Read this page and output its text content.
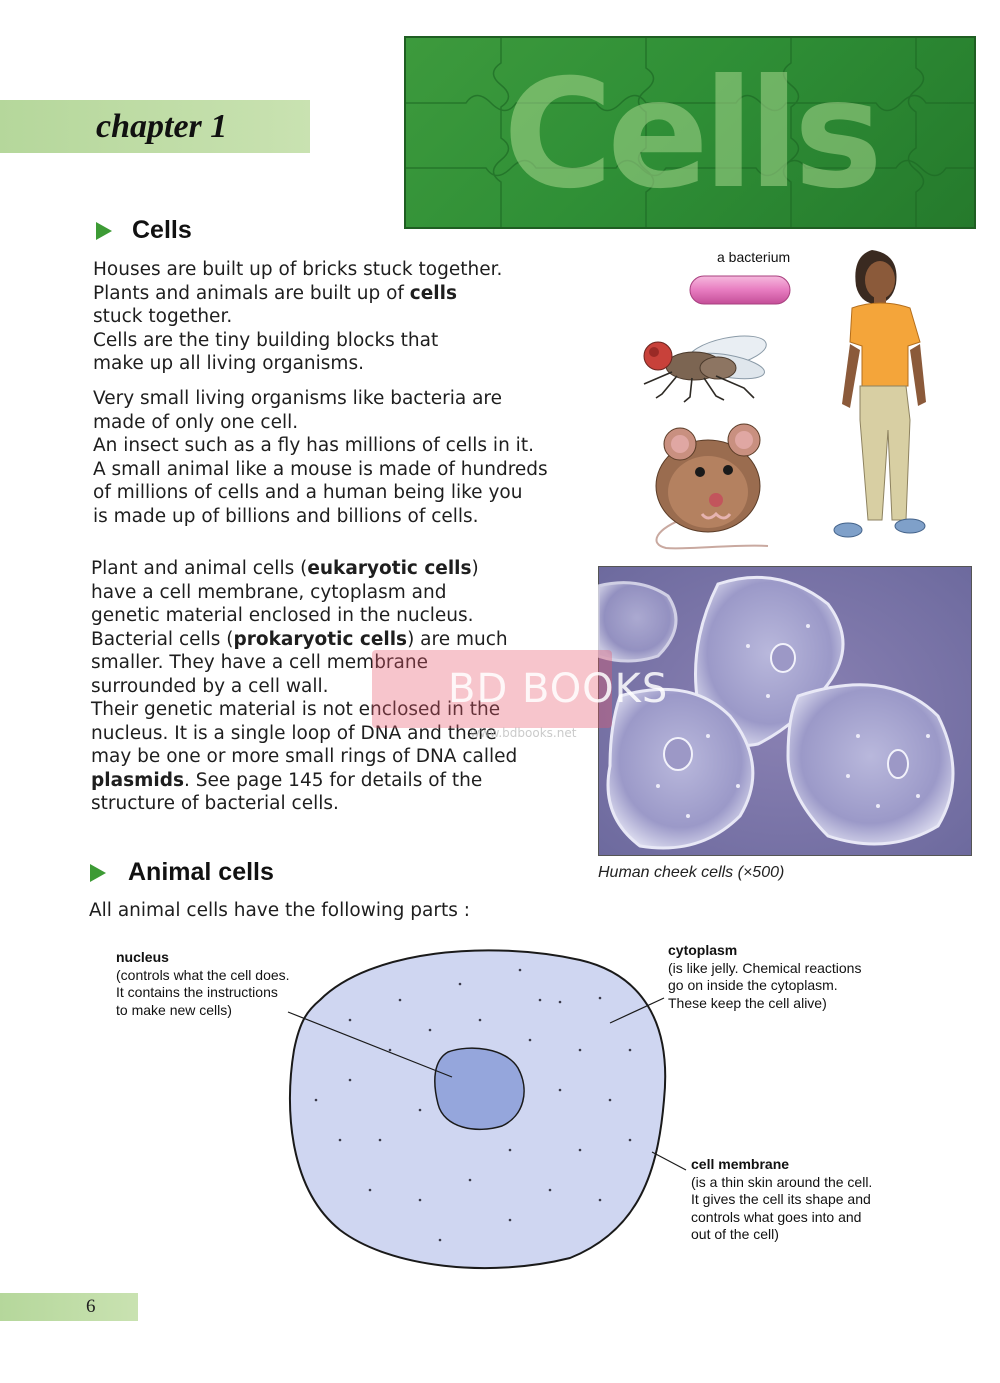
chapter 1	Cells
Cells
Houses are built up of bricks stuck together.
Plants and animals are built up of cells
stuck together.
Cells are the tiny building blocks that
make up all living organisms.
Very small living organisms like bacteria are
made of only one cell.
An insect such as a fly has millions of cells in it.
A small animal like a mouse is made of hundreds
of millions of cells and a human being like you
is made up of billions and billions of cells.
Plant and animal cells (eukaryotic cells)
have a cell membrane, cytoplasm and
genetic material enclosed in the nucleus.
Bacterial cells (prokaryotic cells) are much
smaller. They have a cell membrane
surrounded by a cell wall.
Their genetic material is not enclosed in the
nucleus. It is a single loop of DNA and there
may be one or more small rings of DNA called
plasmids. See page 145 for details of the
structure of bacterial cells.
a bacterium
Human cheek cells (×500)
BD BOOKS
www.bdbooks.net
Animal cells
All animal cells have the following parts :
nucleus
(controls what the cell does.
It contains the instructions
to make new cells)
cytoplasm
(is like jelly. Chemical reactions
go on inside the cytoplasm.
These keep the cell alive)
cell membrane
(is a thin skin around the cell.
It gives the cell its shape and
controls what goes into and
out of the cell)
6
